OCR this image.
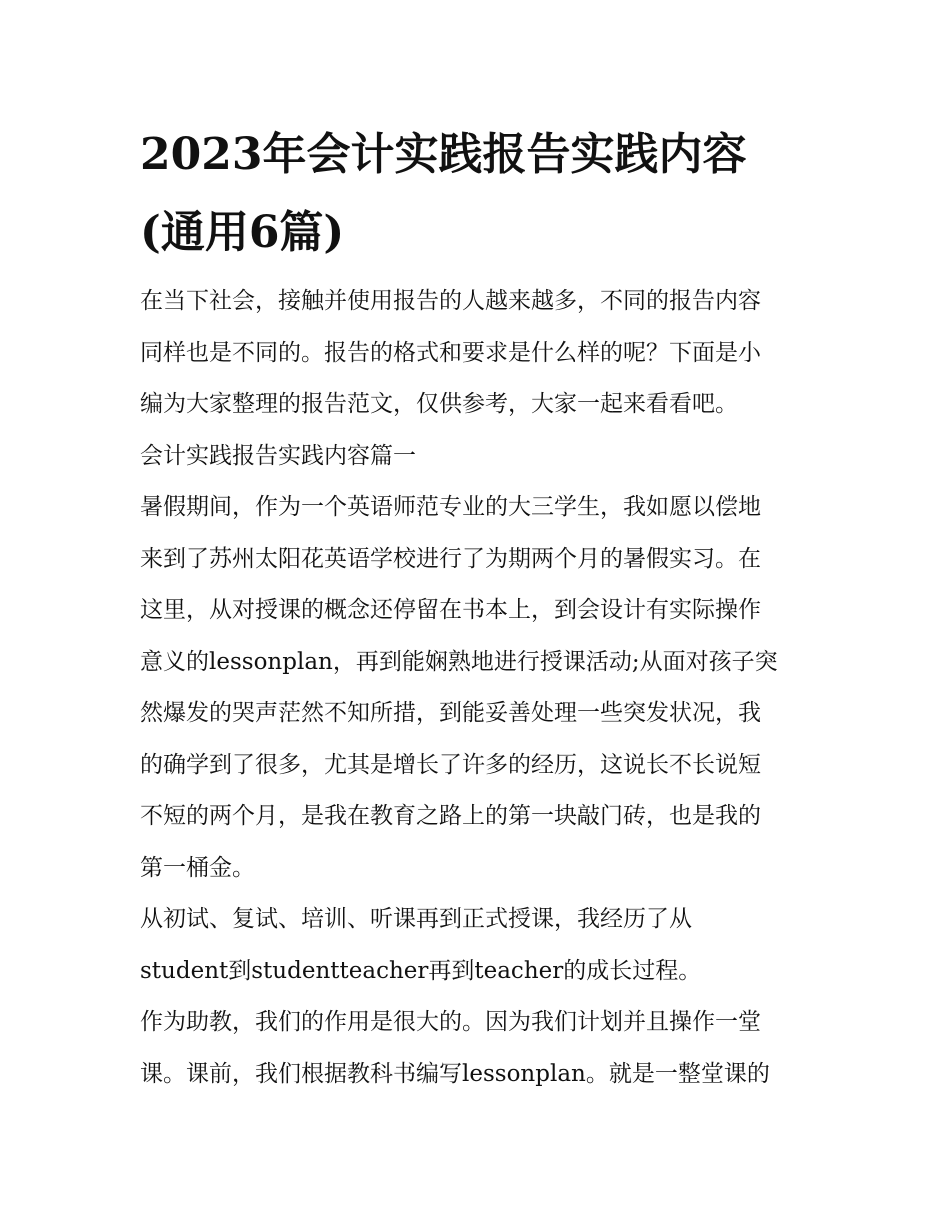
2023年会计实践报告实践内容
(通用6篇)
在当下社会，接触并使用报告的人越来越多，不同的报告内容
同样也是不同的。报告的格式和要求是什么样的呢？下面是小
编为大家整理的报告范文，仅供参考，大家一起来看看吧。
会计实践报告实践内容篇一
暑假期间，作为一个英语师范专业的大三学生，我如愿以偿地
来到了苏州太阳花英语学校进行了为期两个月的暑假实习。在
这里，从对授课的概念还停留在书本上，到会设计有实际操作
意义的lessonplan，再到能娴熟地进行授课活动;从面对孩子突
然爆发的哭声茫然不知所措，到能妥善处理一些突发状况，我
的确学到了很多，尤其是增长了许多的经历，这说长不长说短
不短的两个月，是我在教育之路上的第一块敲门砖，也是我的
第一桶金。
从初试、复试、培训、听课再到正式授课，我经历了从
student到studentteacher再到teacher的成长过程。
作为助教，我们的作用是很大的。因为我们计划并且操作一堂
课。课前，我们根据教科书编写lessonplan。就是一整堂课的
